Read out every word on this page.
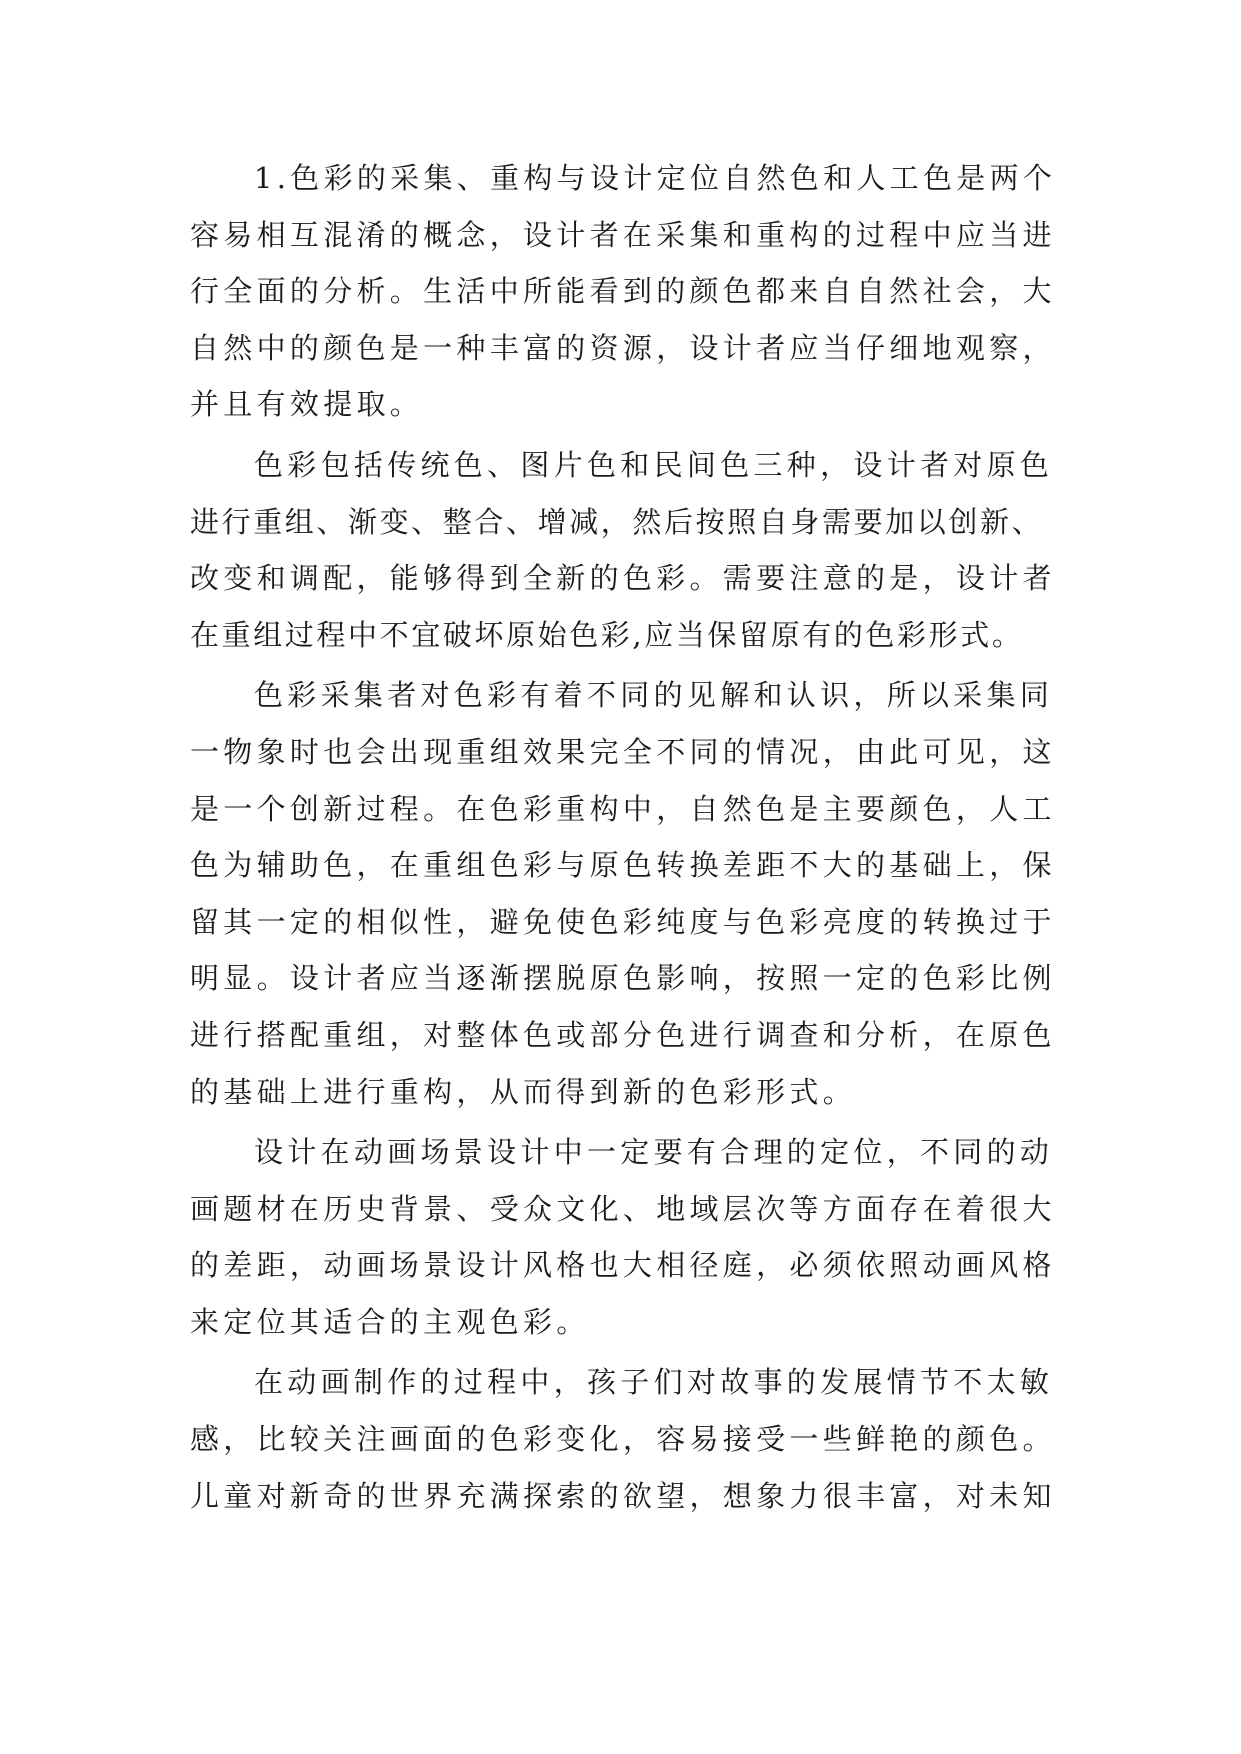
1.色彩的采集、重构与设计定位自然色和人工色是两个
容易相互混淆的概念，设计者在采集和重构的过程中应当进
行全面的分析。生活中所能看到的颜色都来自自然社会，大
自然中的颜色是一种丰富的资源，设计者应当仔细地观察，
并且有效提取。
色彩包括传统色、图片色和民间色三种，设计者对原色
进行重组、渐变、整合、增减，然后按照自身需要加以创新、
改变和调配，能够得到全新的色彩。需要注意的是，设计者
在重组过程中不宜破坏原始色彩,应当保留原有的色彩形式。
色彩采集者对色彩有着不同的见解和认识，所以采集同
一物象时也会出现重组效果完全不同的情况，由此可见，这
是一个创新过程。在色彩重构中，自然色是主要颜色，人工
色为辅助色，在重组色彩与原色转换差距不大的基础上，保
留其一定的相似性，避免使色彩纯度与色彩亮度的转换过于
明显。设计者应当逐渐摆脱原色影响，按照一定的色彩比例
进行搭配重组，对整体色或部分色进行调查和分析，在原色
的基础上进行重构，从而得到新的色彩形式。
设计在动画场景设计中一定要有合理的定位，不同的动
画题材在历史背景、受众文化、地域层次等方面存在着很大
的差距，动画场景设计风格也大相径庭，必须依照动画风格
来定位其适合的主观色彩。
在动画制作的过程中，孩子们对故事的发展情节不太敏
感，比较关注画面的色彩变化，容易接受一些鲜艳的颜色。
儿童对新奇的世界充满探索的欲望，想象力很丰富，对未知
